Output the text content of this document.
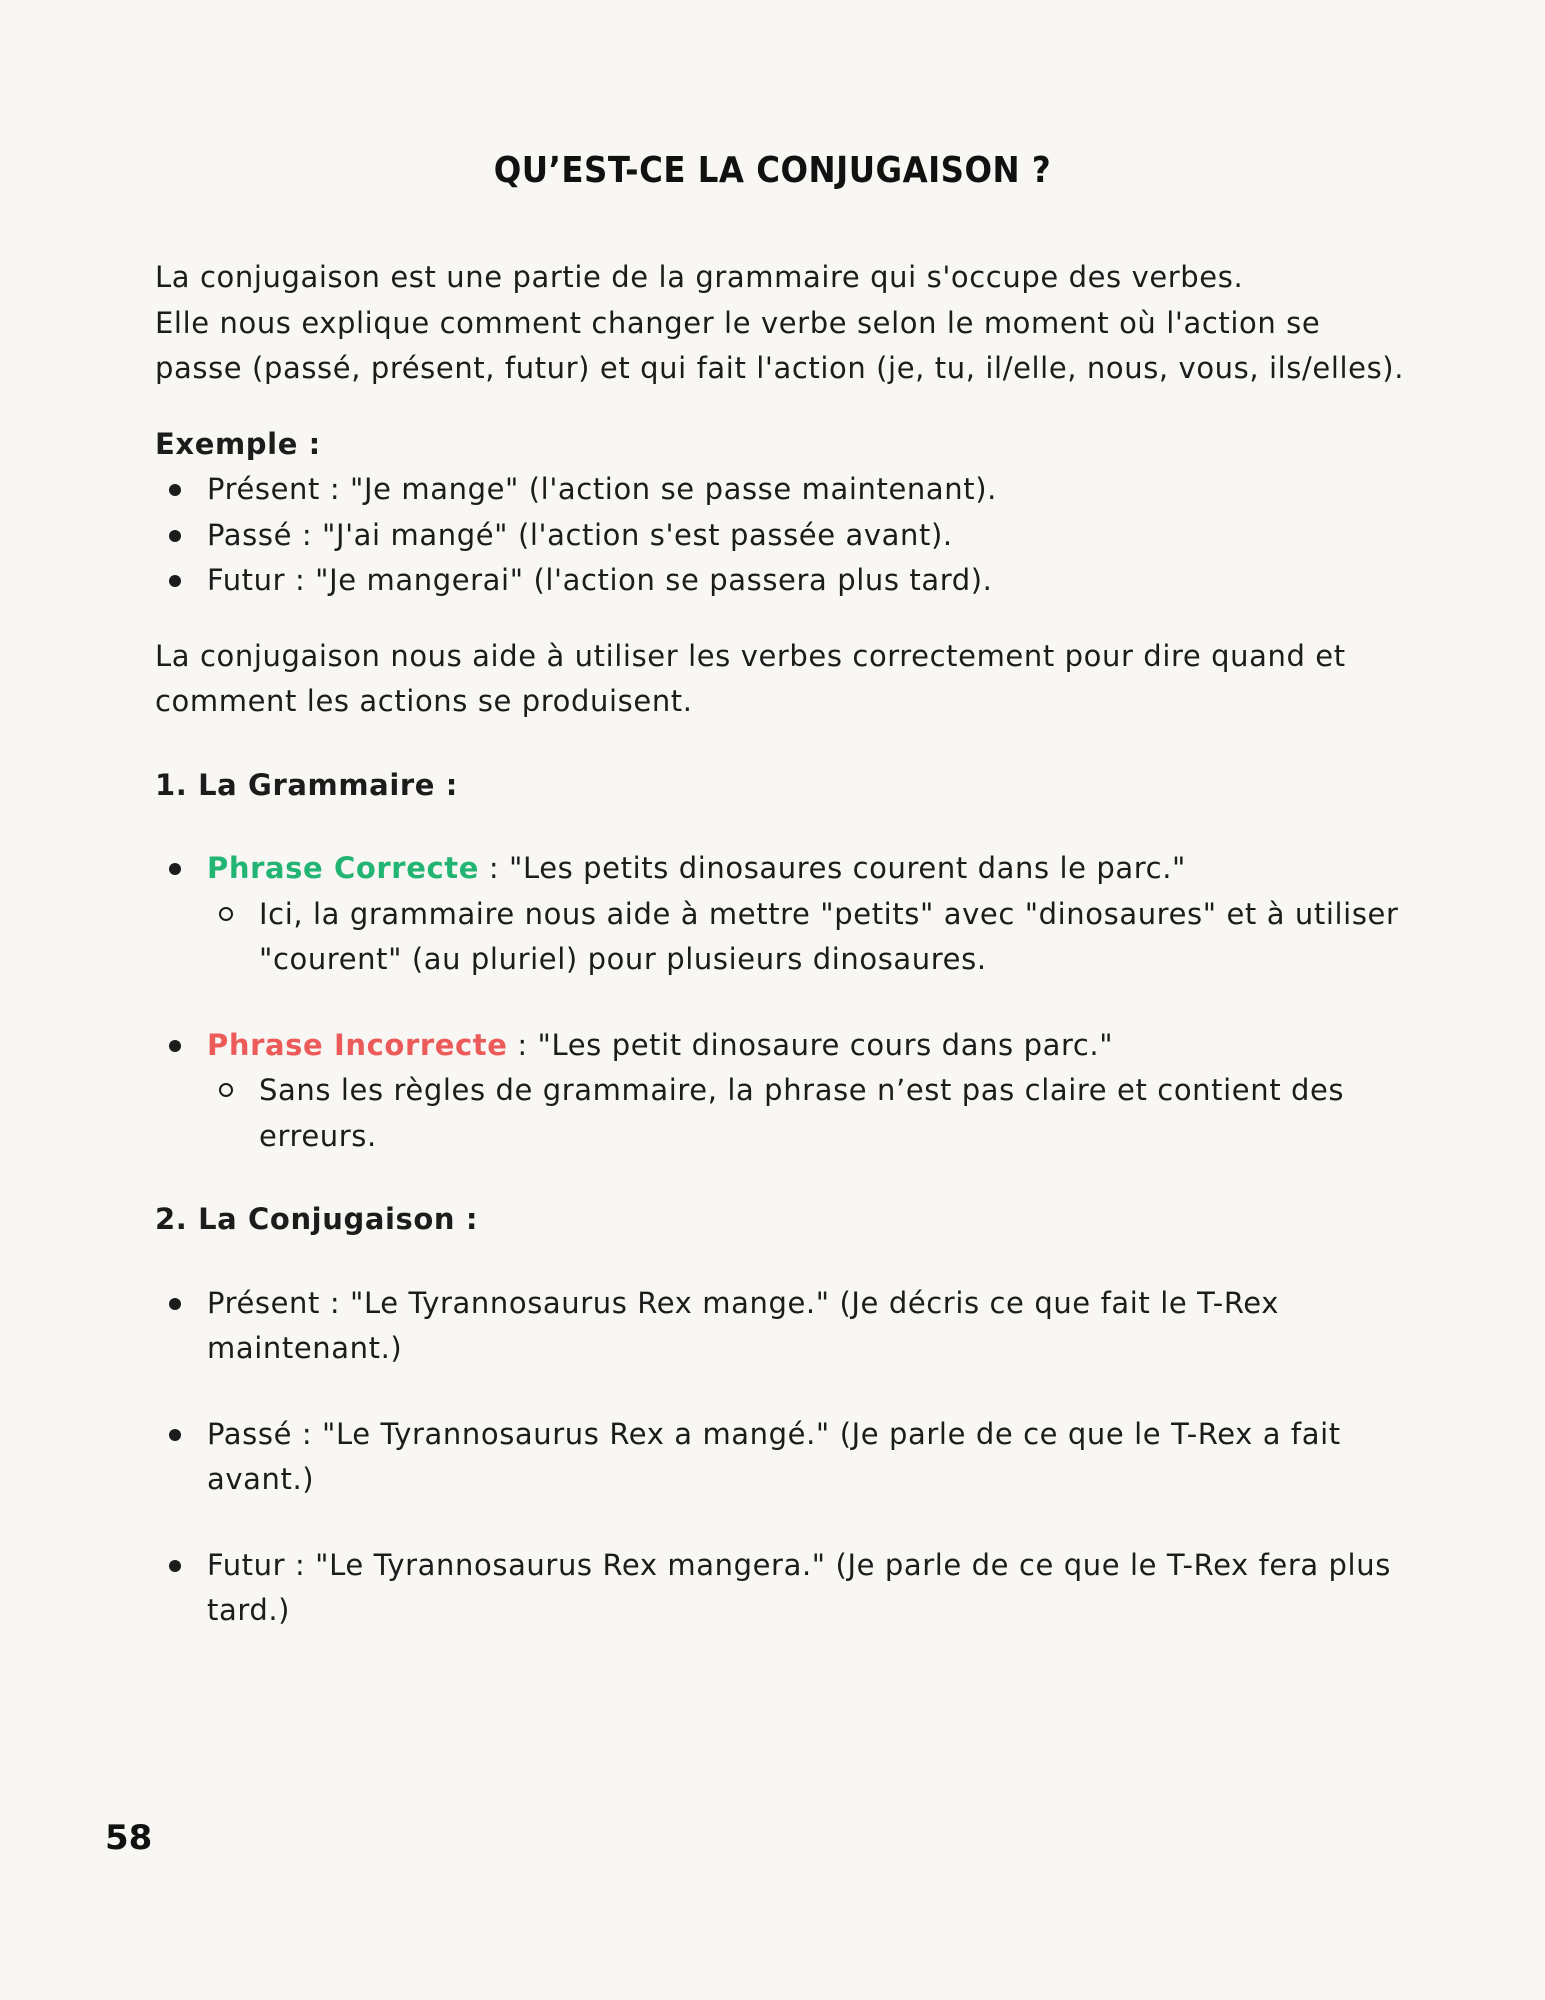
QU’EST-CE LA CONJUGAISON ?

La conjugaison est une partie de la grammaire qui s'occupe des verbes.

Elle nous explique comment changer le verbe selon le moment où l'action se passe (passé, présent, futur) et qui fait l'action (je, tu, il/elle, nous, vous, ils/elles).

Exemple :

Présent : "Je mange" (l'action se passe maintenant).
Passé : "J'ai mangé" (l'action s'est passée avant).
Futur : "Je mangerai" (l'action se passera plus tard).

La conjugaison nous aide à utiliser les verbes correctement pour dire quand et comment les actions se produisent.

1. La Grammaire :

Phrase Correcte : "Les petits dinosaures courent dans le parc."
Ici, la grammaire nous aide à mettre "petits" avec "dinosaures" et à utiliser "courent" (au pluriel) pour plusieurs dinosaures.
Phrase Incorrecte : "Les petit dinosaure cours dans parc."
Sans les règles de grammaire, la phrase n’est pas claire et contient des erreurs.

2. La Conjugaison :

Présent : "Le Tyrannosaurus Rex mange." (Je décris ce que fait le T-Rex maintenant.)
Passé : "Le Tyrannosaurus Rex a mangé." (Je parle de ce que le T-Rex a fait avant.)
Futur : "Le Tyrannosaurus Rex mangera." (Je parle de ce que le T-Rex fera plus tard.)
58
